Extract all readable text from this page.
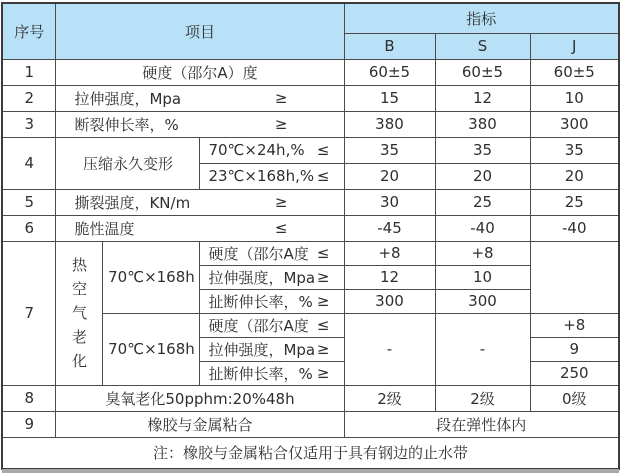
序号	项目			指标		
				B	S	J
1	硬度（邵尔A）度			60±5	60±5	60±5
2	拉伸强度，Mpa ≥			15	12	10
3	断裂伸长率，% ≥			380	380	300
4	压缩永久变形		70℃×24h,% ≤	35	35	35

			23℃×168h,% ≤	20	20	20
5	撕裂强度，KN/m ≥			30	25	25
6	脆性温度 ≤			-45	-40	-40
7	热空气老化	70℃×168h	硬度（邵尔A度 ≤	+8	+8	

			拉伸强度，Mpa ≥	12	10	

			扯断伸长率，% ≥	300	300	
		70℃×168h	硬度（邵尔A度 ≤	-	-	+8

			拉伸强度，Mpa ≥			9

			扯断伸长率，% ≥			250
8	臭氧老化50pphm:20%48h			2级	2级	0级
9	橡胶与金属粘合			段在弹性体内		
注：橡胶与金属粘合仅适用于具有钢边的止水带						
